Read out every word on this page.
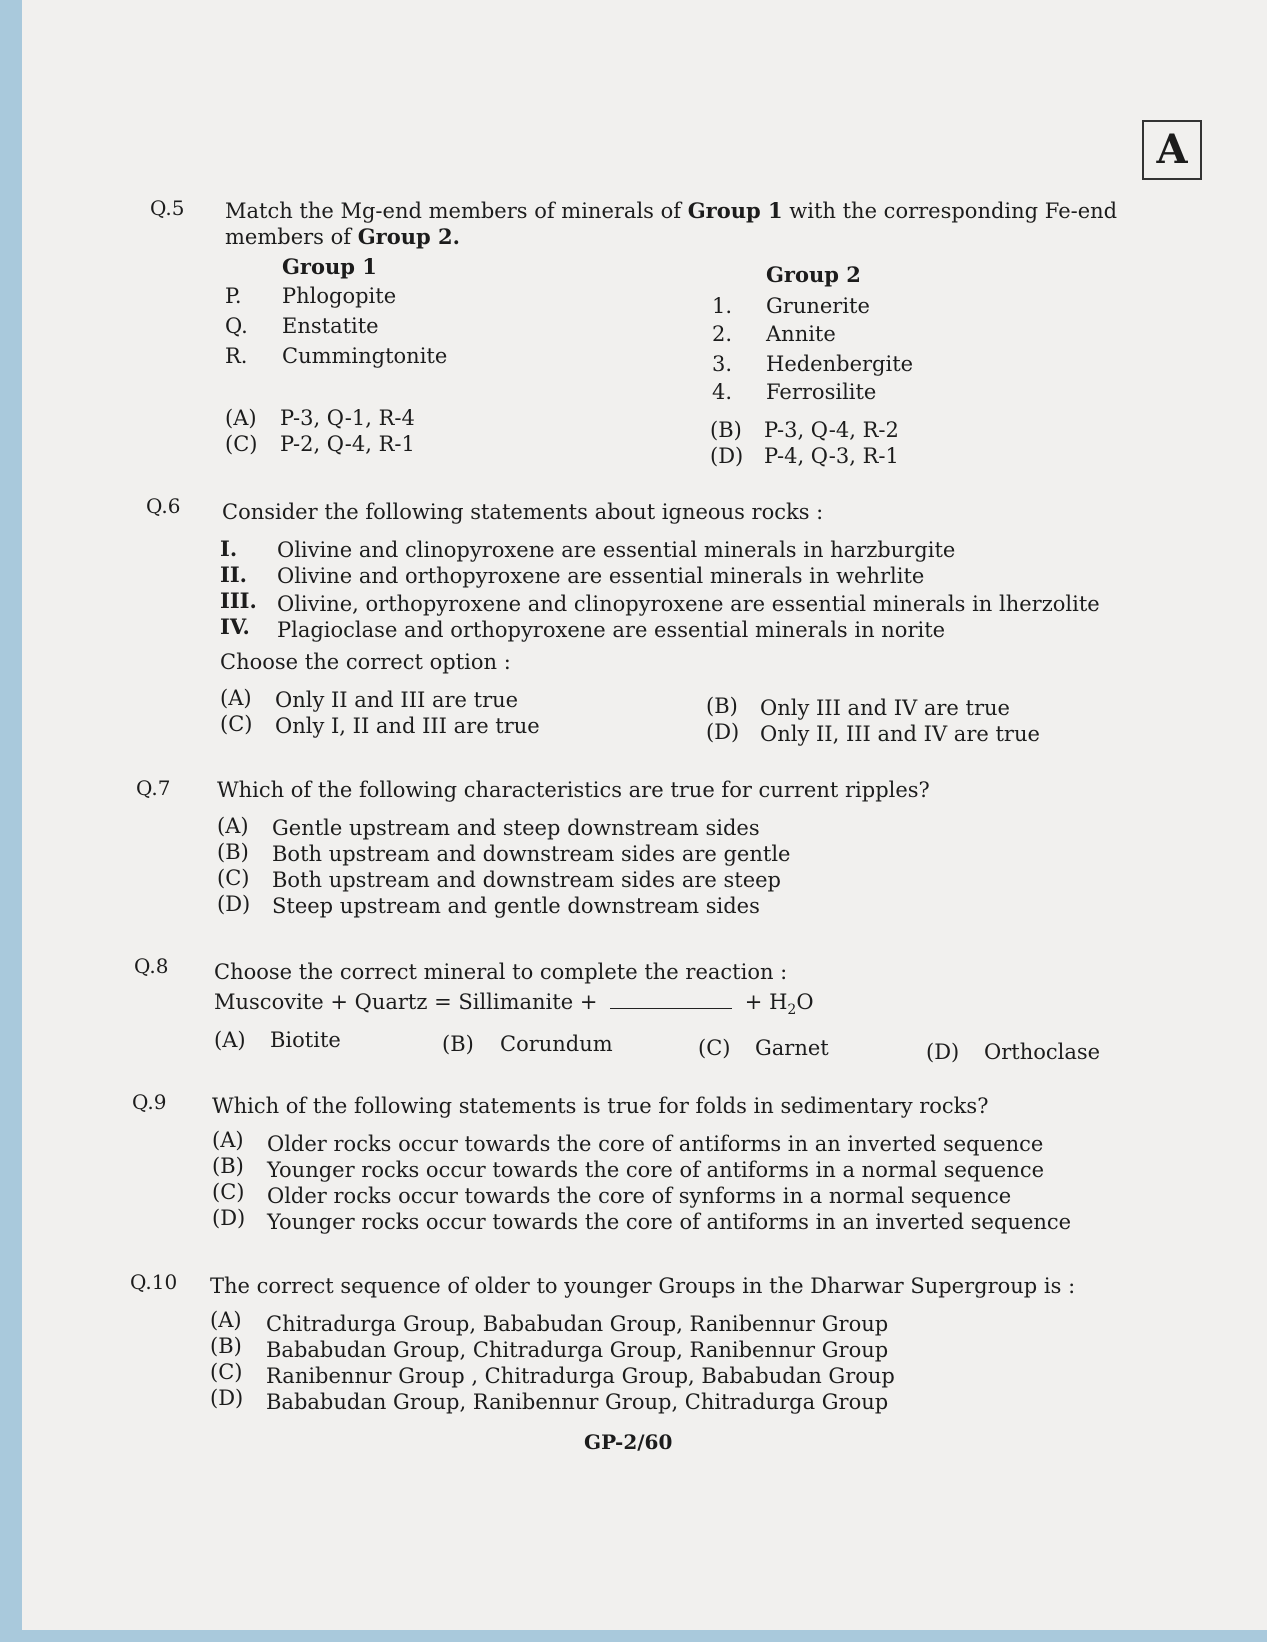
A
Q.5 Match the Mg-end members of minerals of Group 1 with the corresponding Fe-end
members of Group 2.
Group 1	Group 2
P. Phlogopite
Q. Enstatite
R. Cummingtonite
1. Grunerite
2. Annite
3. Hedenbergite
4. Ferrosilite
(A) P-3, Q-1, R-4	(B) P-3, Q-4, R-2
(C) P-2, Q-4, R-1	(D) P-4, Q-3, R-1
Q.6 Consider the following statements about igneous rocks :
I. Olivine and clinopyroxene are essential minerals in harzburgite
II. Olivine and orthopyroxene are essential minerals in wehrlite
III. Olivine, orthopyroxene and clinopyroxene are essential minerals in lherzolite
IV. Plagioclase and orthopyroxene are essential minerals in norite
Choose the correct option :
(A) Only II and III are true	(B) Only III and IV are true
(C) Only I, II and III are true	(D) Only II, III and IV are true
Q.7 Which of the following characteristics are true for current ripples?
(A) Gentle upstream and steep downstream sides
(B) Both upstream and downstream sides are gentle
(C) Both upstream and downstream sides are steep
(D) Steep upstream and gentle downstream sides
Q.8 Choose the correct mineral to complete the reaction :
Muscovite + Quartz = Sillimanite +	+ $H_2O$
(A) Biotite	(B) Corundum	(C) Garnet	(D) Orthoclase
Q.9 Which of the following statements is true for folds in sedimentary rocks?
(A) Older rocks occur towards the core of antiforms in an inverted sequence
(B) Younger rocks occur towards the core of antiforms in a normal sequence
(C) Older rocks occur towards the core of synforms in a normal sequence
(D) Younger rocks occur towards the core of antiforms in an inverted sequence
Q.10 The correct sequence of older to younger Groups in the Dharwar Supergroup is :
(A) Chitradurga Group, Bababudan Group, Ranibennur Group
(B) Bababudan Group, Chitradurga Group, Ranibennur Group
(C) Ranibennur Group , Chitradurga Group, Bababudan Group
(D) Bababudan Group, Ranibennur Group, Chitradurga Group
GP-2/60
